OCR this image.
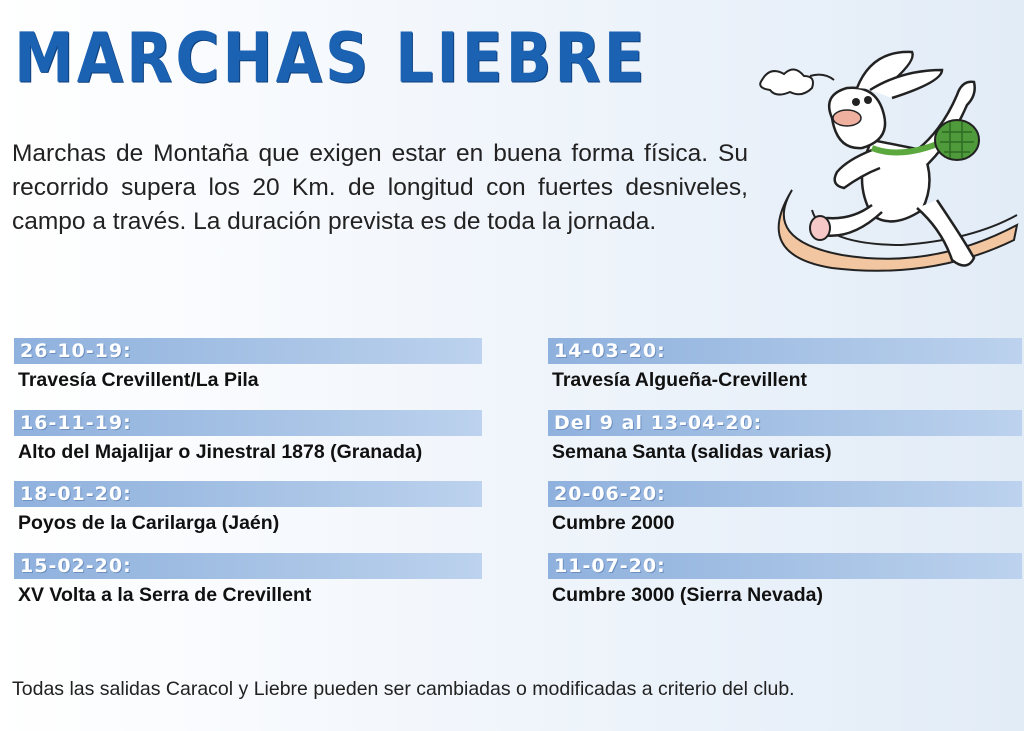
MARCHAS LIEBRE
Marchas de Montaña que exigen estar en buena forma física. Su recorrido supera los 20 Km. de longitud con fuertes desniveles, campo a través. La duración prevista es de toda la jornada.
26-10-19:
Travesía Crevillent/La Pila
16-11-19:
Alto del Majalijar o Jinestral 1878 (Granada)
18-01-20:
Poyos de la Carilarga (Jaén)
15-02-20:
XV Volta a la Serra de Crevillent
14-03-20:
Travesía Algueña-Crevillent
Del 9 al 13-04-20:
Semana Santa (salidas varias)
20-06-20:
Cumbre 2000
11-07-20:
Cumbre 3000 (Sierra Nevada)
Todas las salidas Caracol y Liebre pueden ser cambiadas o modificadas a criterio del club.
